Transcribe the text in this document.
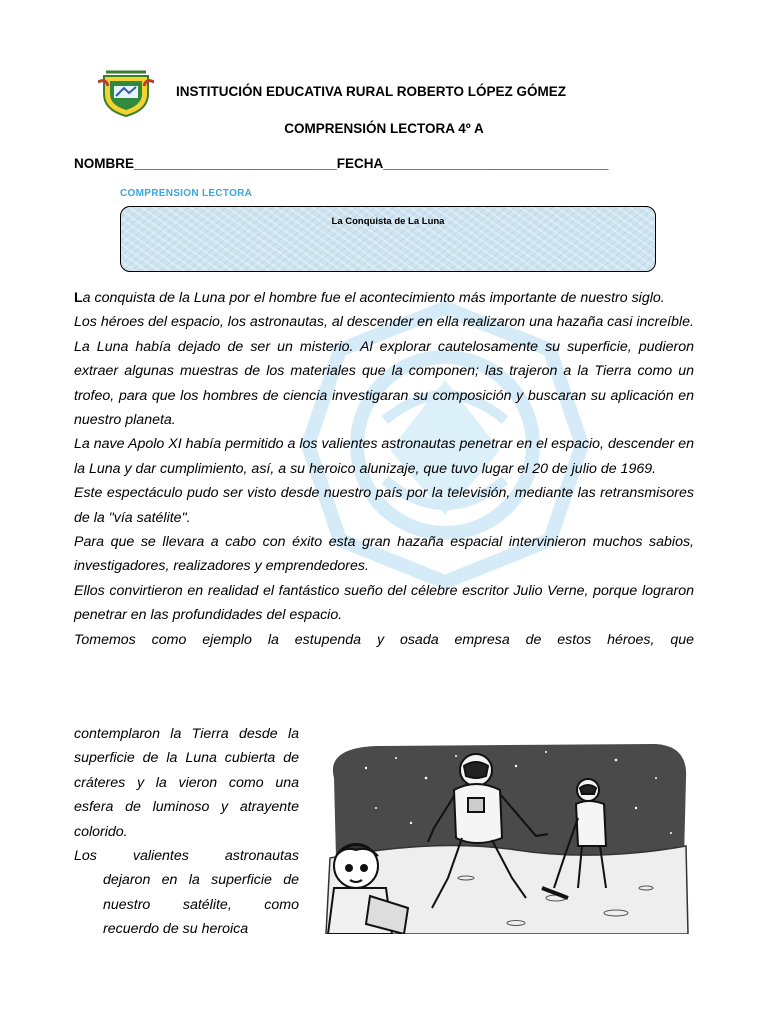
INSTITUCIÓN EDUCATIVA RURAL ROBERTO LÓPEZ GÓMEZ
COMPRENSIÓN LECTORA 4º A
NOMBRE___________________________FECHA______________________________
COMPRENSION LECTORA
La Conquista de La Luna

La conquista de la Luna por el hombre fue el acontecimiento más importante de nuestro siglo.

Los héroes del espacio, los astronautas, al descender en ella realizaron una hazaña casi increíble.

La Luna había dejado de ser un misterio. Al explorar cautelosamente su superficie, pudieron extraer algunas muestras de los materiales que la componen; las trajeron a la Tierra como un trofeo, para que los hombres de ciencia investigaran su composición y buscaran su aplicación en nuestro planeta.

La nave Apolo XI había permitido a los valientes astronautas penetrar en el espacio, descender en la Luna y dar cumplimiento, así, a su heroico alunizaje, que tuvo lugar el 20 de julio de 1969.

Este espectáculo pudo ser visto desde nuestro país por la televisión, mediante las retransmisores de la "vía satélite".

Para que se llevara a cabo con éxito esta gran hazaña espacial intervinieron muchos sabios, investigadores, realizadores y emprendedores.

Ellos convirtieron en realidad el fantástico sueño del célebre escritor Julio Verne, porque lograron penetrar en las profundidades del espacio.

Tomemos como ejemplo la estupenda y osada empresa de estos héroes, que

contemplaron la Tierra desde la superficie de la Luna cubierta de cráteres y la vieron como una esfera de luminoso y atrayente colorido.

Los valientes astronautas

dejaron en la superficie de nuestro satélite, como recuerdo de su heroica
